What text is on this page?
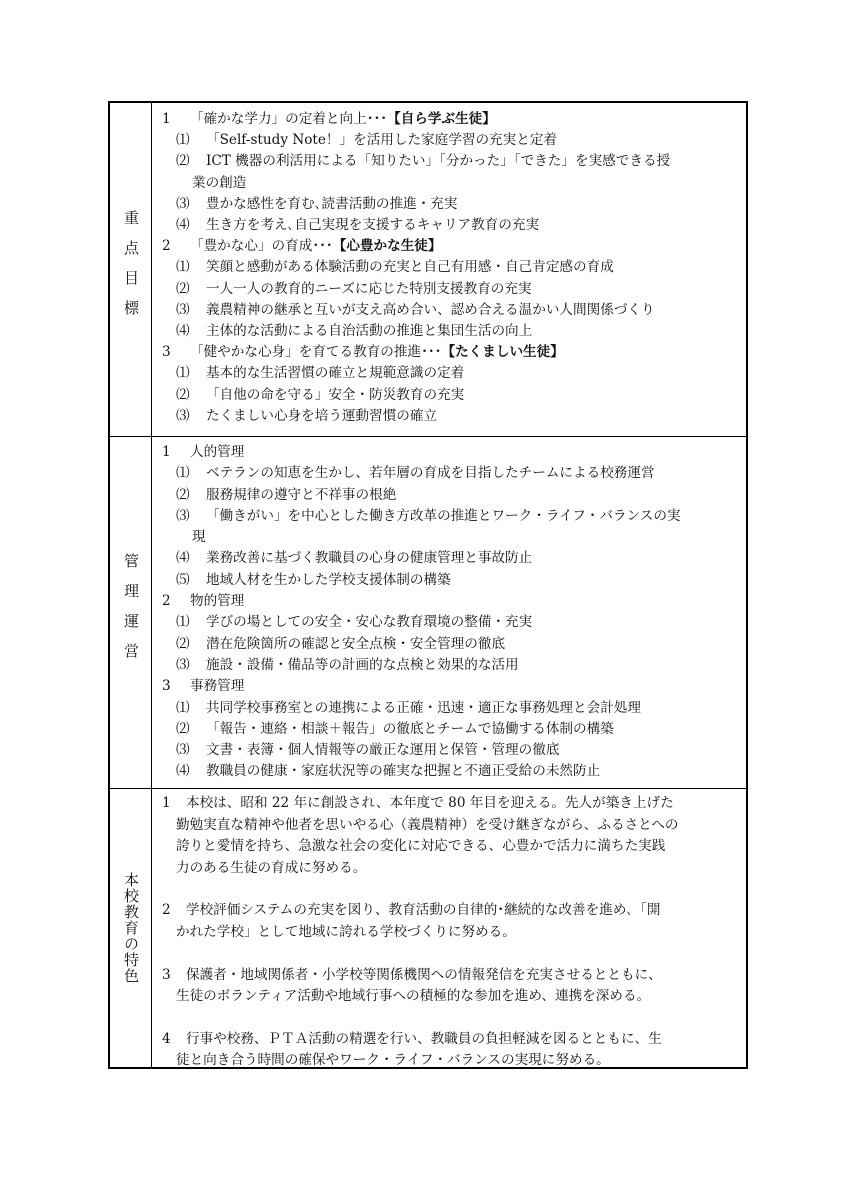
重点目標
1 「確かな学力」の定着と向上･･･【自ら学ぶ生徒】
⑴ 「Self-study Note！」を活用した家庭学習の充実と定着
⑵ ICT 機器の利活用による「知りたい」「分かった」「できた」を実感できる授
業の創造
⑶ 豊かな感性を育む､読書活動の推進・充実
⑷ 生き方を考え､自己実現を支援するキャリア教育の充実
2 「豊かな心」の育成･･･【心豊かな生徒】
⑴ 笑顔と感動がある体験活動の充実と自己有用感・自己肯定感の育成
⑵ 一人一人の教育的ニーズに応じた特別支援教育の充実
⑶ 義農精神の継承と互いが支え高め合い、認め合える温かい人間関係づくり
⑷ 主体的な活動による自治活動の推進と集団生活の向上
3 「健やかな心身」を育てる教育の推進･･･【たくましい生徒】
⑴ 基本的な生活習慣の確立と規範意識の定着
⑵ 「自他の命を守る」安全・防災教育の充実
⑶ たくましい心身を培う運動習慣の確立
管理運営
1 人的管理
⑴ ベテランの知恵を生かし、若年層の育成を目指したチームによる校務運営
⑵ 服務規律の遵守と不祥事の根絶
⑶ 「働きがい」を中心とした働き方改革の推進とワーク・ライフ・バランスの実
現
⑷ 業務改善に基づく教職員の心身の健康管理と事故防止
⑸ 地域人材を生かした学校支援体制の構築
2 物的管理
⑴ 学びの場としての安全・安心な教育環境の整備・充実
⑵ 潜在危険箇所の確認と安全点検・安全管理の徹底
⑶ 施設・設備・備品等の計画的な点検と効果的な活用
3 事務管理
⑴ 共同学校事務室との連携による正確・迅速・適正な事務処理と会計処理
⑵ 「報告・連絡・相談＋報告」の徹底とチームで協働する体制の構築
⑶ 文書・表簿・個人情報等の厳正な運用と保管・管理の徹底
⑷ 教職員の健康・家庭状況等の確実な把握と不適正受給の未然防止
本校教育の特色
1 本校は、昭和 22 年に創設され、本年度で 80 年目を迎える。先人が築き上げた
勤勉実直な精神や他者を思いやる心（義農精神）を受け継ぎながら、ふるさとへの
誇りと愛情を持ち、急激な社会の変化に対応できる、心豊かで活力に満ちた実践
力のある生徒の育成に努める。
2 学校評価システムの充実を図り、教育活動の自律的･継続的な改善を進め､「開
かれた学校」として地域に誇れる学校づくりに努める。
3 保護者・地域関係者・小学校等関係機関への情報発信を充実させるとともに、
生徒のボランティア活動や地域行事への積極的な参加を進め、連携を深める。
4 行事や校務、ＰＴＡ活動の精選を行い、教職員の負担軽減を図るとともに、生
徒と向き合う時間の確保やワーク・ライフ・バランスの実現に努める。
